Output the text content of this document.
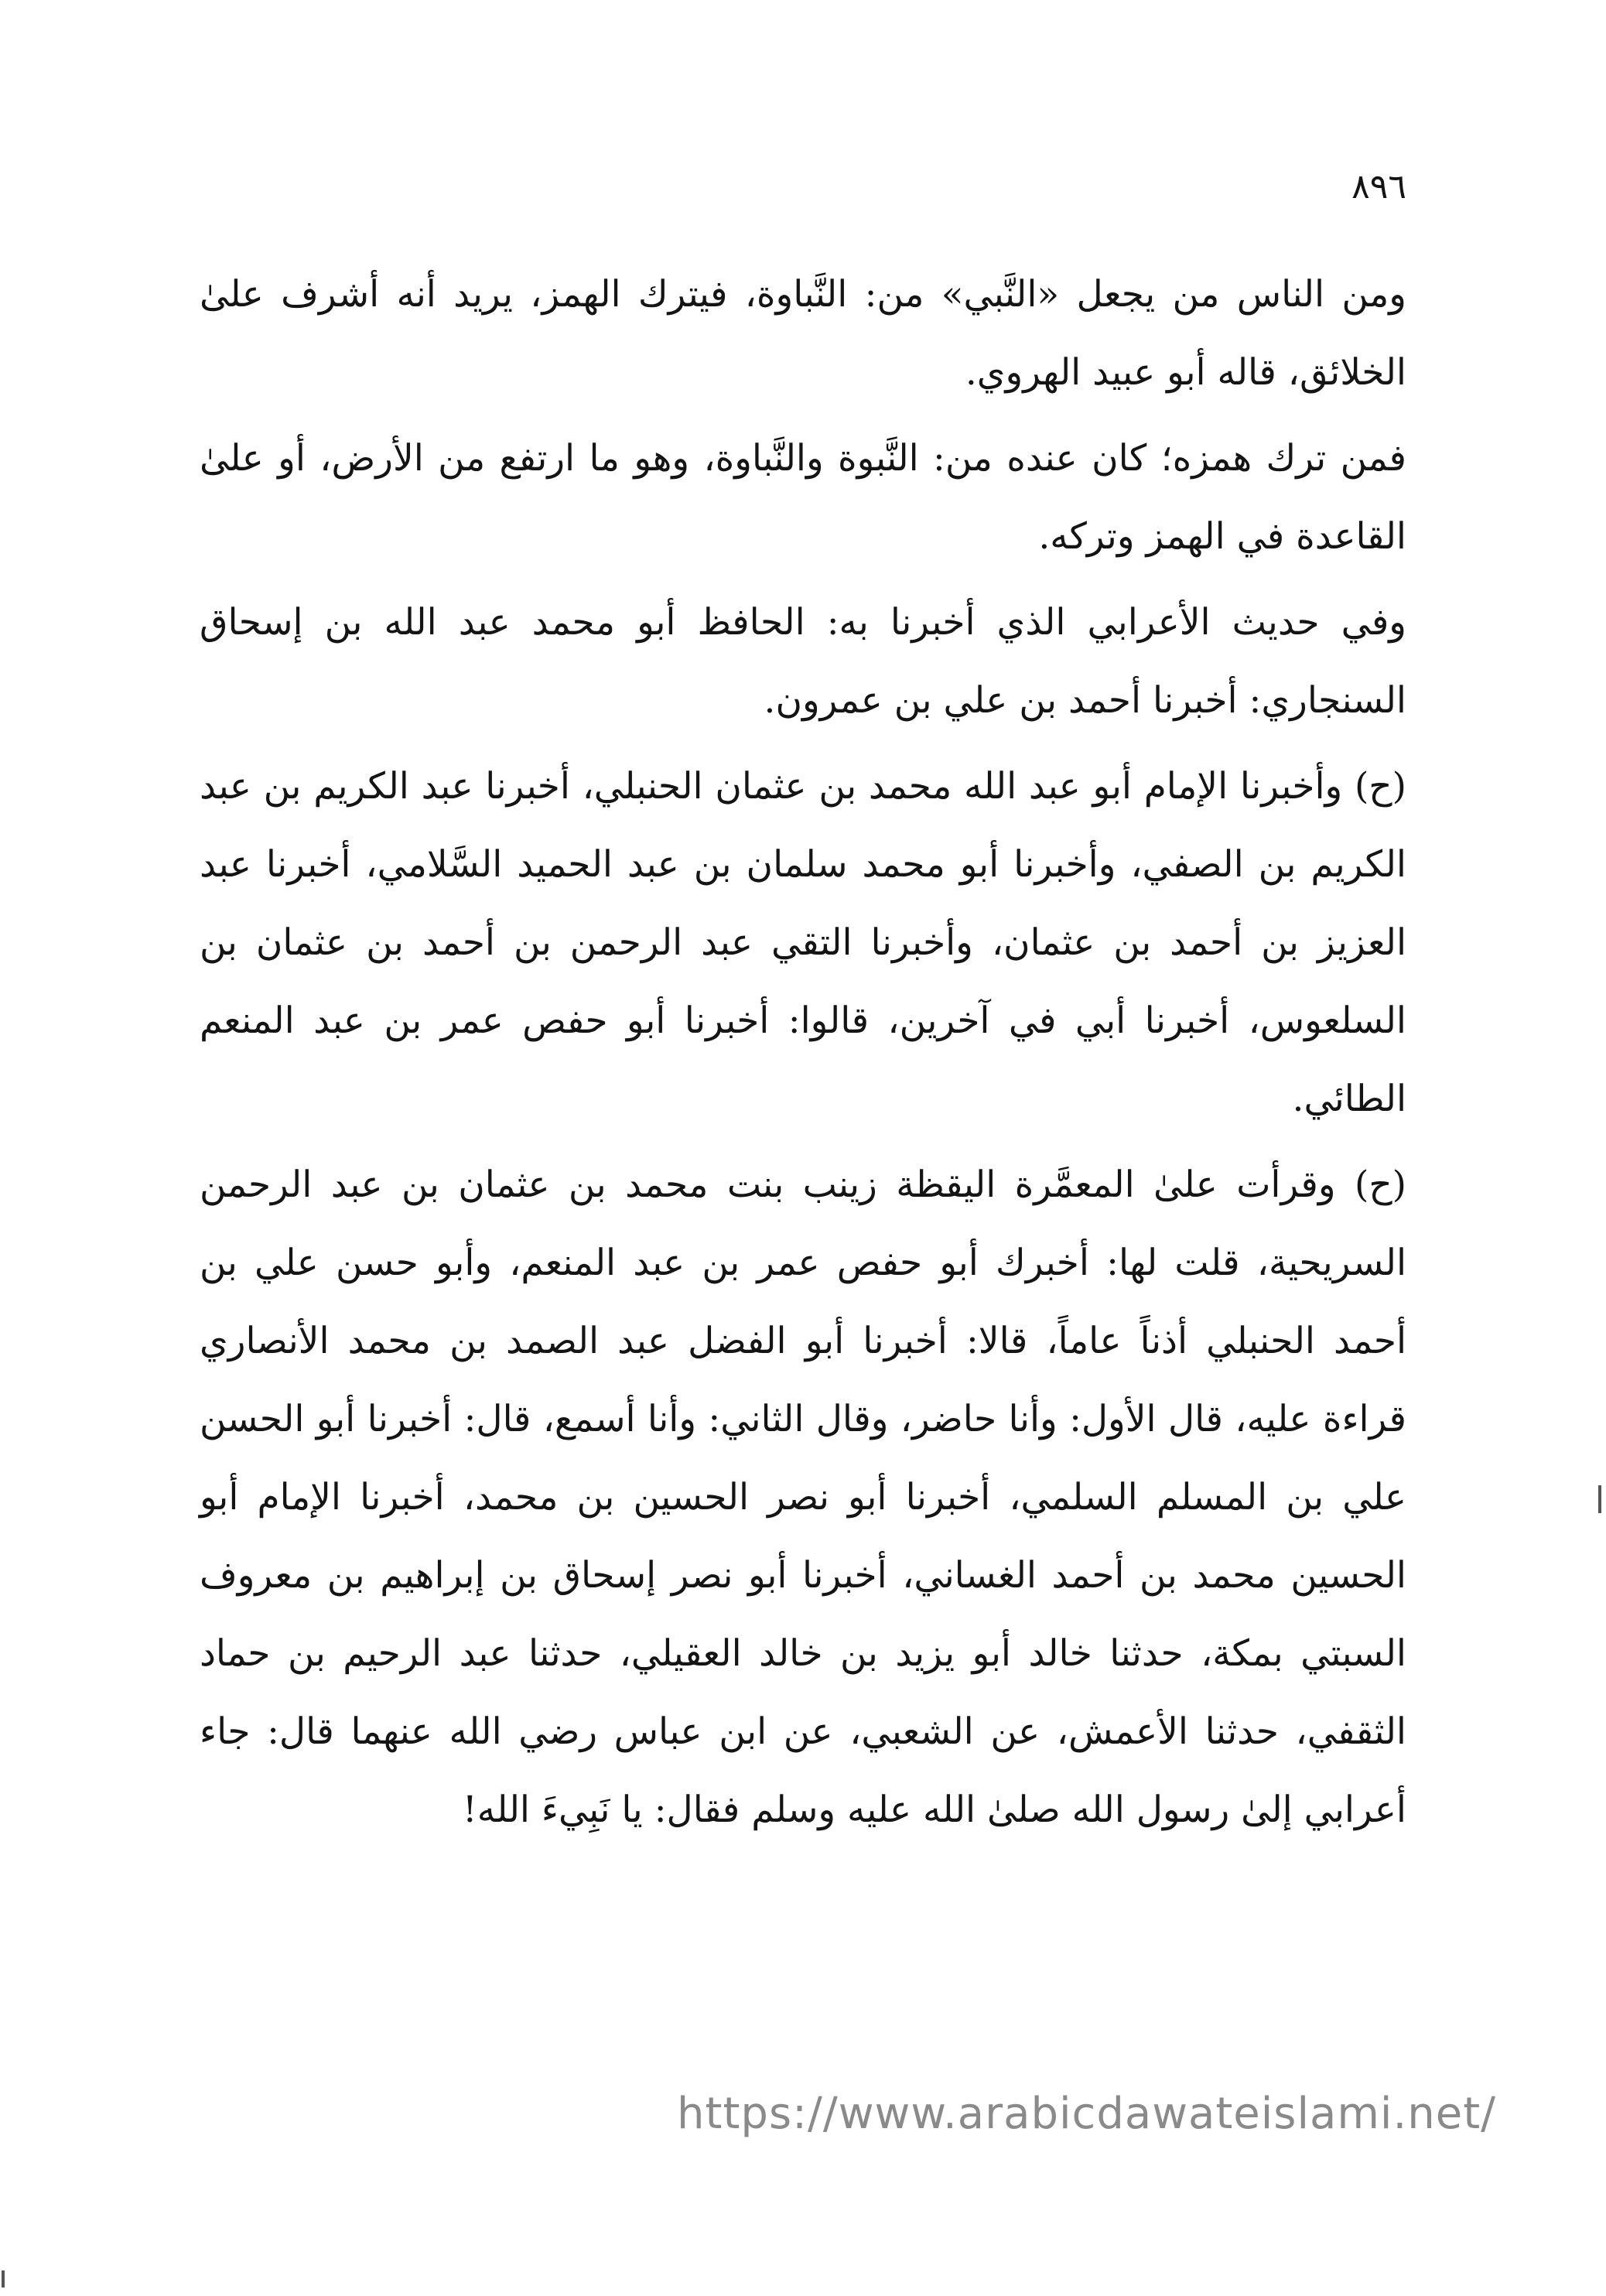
٨٩٦

ومن الناس من يجعل «النَّبي» من: النَّباوة، فيترك الهمز، يريد أنه أشرف علىٰ الخلائق، قاله أبو عبيد الهروي.

فمن ترك همزه؛ كان عنده من: النَّبوة والنَّباوة، وهو ما ارتفع من الأرض، أو علىٰ القاعدة في الهمز وتركه.

وفي حديث الأعرابي الذي أخبرنا به: الحافظ أبو محمد عبد الله بن إسحاق السنجاري: أخبرنا أحمد بن علي بن عمرون.

(ح) وأخبرنا الإمام أبو عبد الله محمد بن عثمان الحنبلي، أخبرنا عبد الكريم بن عبد الكريم بن الصفي، وأخبرنا أبو محمد سلمان بن عبد الحميد السَّلامي، أخبرنا عبد العزيز بن أحمد بن عثمان، وأخبرنا التقي عبد الرحمن بن أحمد بن عثمان بن السلعوس، أخبرنا أبي في آخرين، قالوا: أخبرنا أبو حفص عمر بن عبد المنعم الطائي.

(ح) وقرأت علىٰ المعمَّرة اليقظة زينب بنت محمد بن عثمان بن عبد الرحمن السريحية، قلت لها: أخبرك أبو حفص عمر بن عبد المنعم، وأبو حسن علي بن أحمد الحنبلي أذناً عاماً، قالا: أخبرنا أبو الفضل عبد الصمد بن محمد الأنصاري قراءة عليه، قال الأول: وأنا حاضر، وقال الثاني: وأنا أسمع، قال: أخبرنا أبو الحسن علي بن المسلم السلمي، أخبرنا أبو نصر الحسين بن محمد، أخبرنا الإمام أبو الحسين محمد بن أحمد الغساني، أخبرنا أبو نصر إسحاق بن إبراهيم بن معروف السبتي بمكة، حدثنا خالد أبو يزيد بن خالد العقيلي، حدثنا عبد الرحيم بن حماد الثقفي، حدثنا الأعمش، عن الشعبي، عن ابن عباس رضي الله عنهما قال: جاء أعرابي إلىٰ رسول الله صلىٰ الله عليه وسلم فقال: يا نَبِيءَ الله!

https://www.arabicdawateislami.net/
